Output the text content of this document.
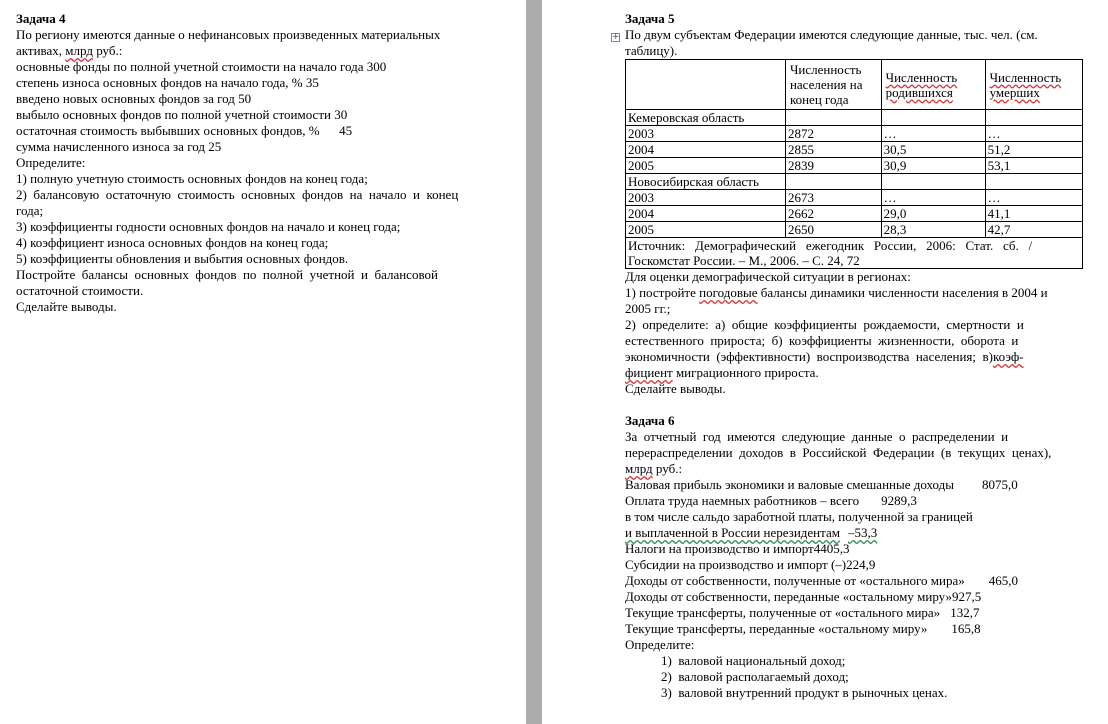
Задача 4
По региону имеются данные о нефинансовых произведенных материальных
активах, млрд руб.:
основные фонды по полной учетной стоимости на начало года 300
степень износа основных фондов на начало года, % 35
введено новых основных фондов за год 50
выбыло основных фондов по полной учетной стоимости 30
остаточная стоимость выбывших основных фондов, %      45
сумма начисленного износа за год 25
Определите:
1) полную учетную стоимость основных фондов на конец года;
2)  балансовую  остаточную  стоимость  основных  фондов  на  начало  и  конец
года;
3) коэффициенты годности основных фондов на начало и конец года;
4) коэффициент износа основных фондов на конец года;
5) коэффициенты обновления и выбытия основных фондов.
Постройте  балансы  основных  фондов  по  полной  учетной  и  балансовой
остаточной стоимости.
Сделайте выводы.
Задача 5
По двум субъектам Федерации имеются следующие данные, тыс. чел. (см.
+
таблицу).
	Численность населения на конец года	Численность родившихся	Численность умерших
Кемеровская область			
2003	2872	…	…
2004	2855	30,5	51,2
2005	2839	30,9	53,1
Новосибирская область			
2003	2673	…	…
2004	2662	29,0	41,1
2005	2650	28,3	42,7

Источник:   Демографический   ежегодник   России,   2006:   Стат.   сб.   /
Госкомстат России. – М., 2006. – С. 24, 72			
Для оценки демографической ситуации в регионах:
1) постройте погодовые балансы динамики численности населения в 2004 и
2005 гг.;
2)  определите:  а)  общие  коэффициенты  рождаемости,  смертности  и
естественного  прироста;  б)  коэффициенты  жизненности,  оборота  и
экономичности  (эффективности)  воспроизводства  населения;  в)коэф-
фициент миграционного прироста.
Сделайте выводы.
Задача 6
За  отчетный  год  имеются  следующие  данные  о  распределении  и
перераспределении  доходов  в  Российской  Федерации  (в  текущих  ценах),
млрд руб.:
Валовая прибыль экономики и валовые смешанные доходы 8075,0
Оплата труда наемных работников – всего 9289,3
в том числе сальдо заработной платы, полученной за границей
и выплаченной в России нерезидентам –53,3
Налоги на производство и импорт4405,3
Субсидии на производство и импорт (–)224,9
Доходы от собственности, полученные от «остального мира» 465,0
Доходы от собственности, переданные «остальному миру»927,5
Текущие трансферты, полученные от «остального мира» 132,7
Текущие трансферты, переданные «остальному миру» 165,8
Определите:
1)  валовой национальный доход;
2)  валовой располагаемый доход;
3)  валовой внутренний продукт в рыночных ценах.
